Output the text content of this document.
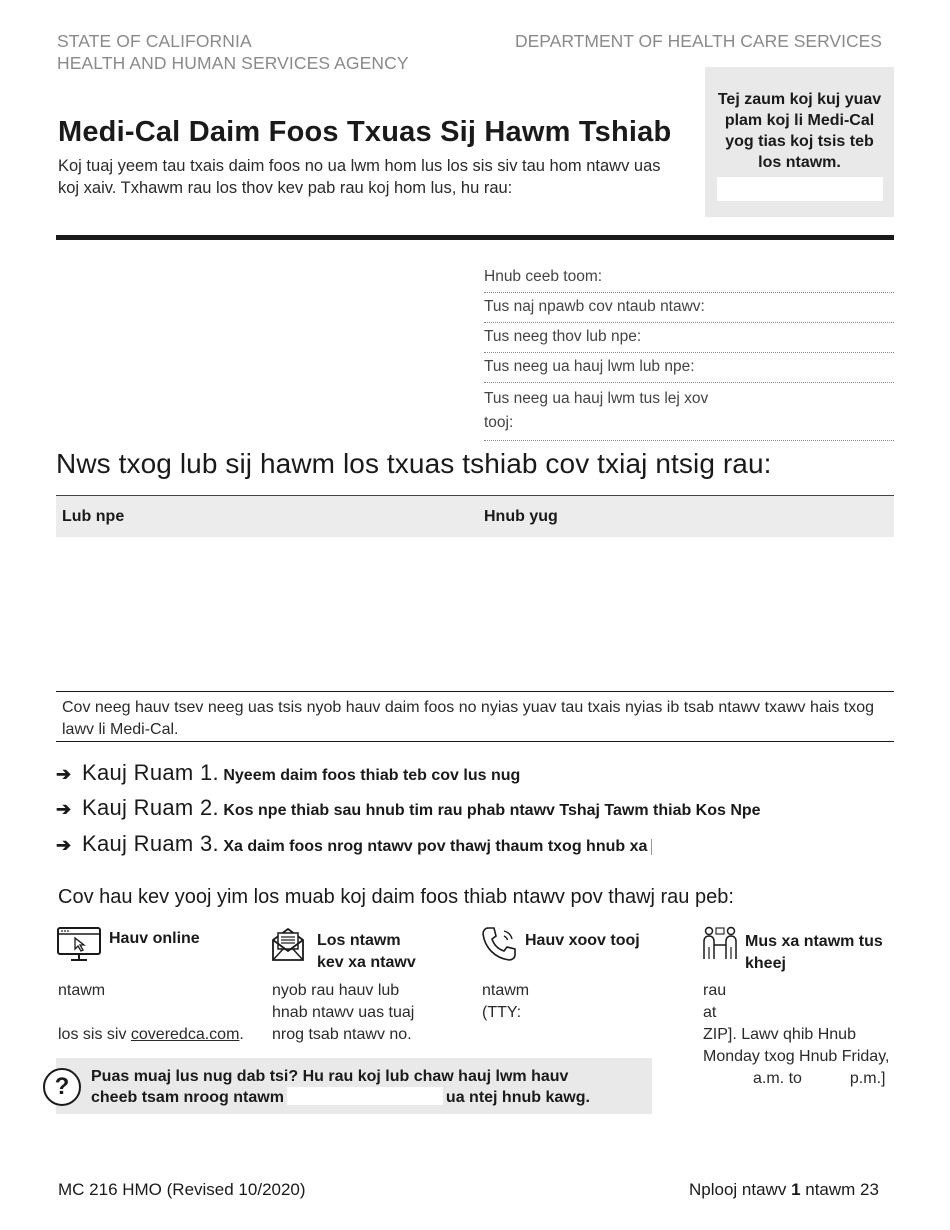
STATE OF CALIFORNIA
HEALTH AND HUMAN SERVICES AGENCY
DEPARTMENT OF HEALTH CARE SERVICES
Medi-Cal Daim Foos Txuas Sij Hawm Tshiab
Koj tuaj yeem tau txais daim foos no ua lwm hom lus los sis siv tau hom ntawv uas koj xaiv. Txhawm rau los thov kev pab rau koj hom lus, hu rau:
Tej zaum koj kuj yuav plam koj li Medi-Cal yog tias koj tsis teb los ntawm.
Hnub ceeb toom:
Tus naj npawb cov ntaub ntawv:
Tus neeg thov lub npe:
Tus neeg ua hauj lwm lub npe:
Tus neeg ua hauj lwm tus lej xov tooj:
Nws txog lub sij hawm los txuas tshiab cov txiaj ntsig rau:
Lub npe	Hnub yug
Cov neeg hauv tsev neeg uas tsis nyob hauv daim foos no nyias yuav tau txais nyias ib tsab ntawv txawv hais txog lawv li Medi-Cal.
➔ Kauj Ruam 1. Nyeem daim foos thiab teb cov lus nug
➔ Kauj Ruam 2. Kos npe thiab sau hnub tim rau phab ntawv Tshaj Tawm thiab Kos Npe
➔ Kauj Ruam 3. Xa daim foos nrog ntawv pov thawj thaum txog hnub xa
Cov hau kev yooj yim los muab koj daim foos thiab ntawv pov thawj rau peb:
Hauv online
ntawm
los sis siv coveredca.com.
Los ntawm
kev xa ntawv
nyob rau hauv lub
hnab ntawv uas tuaj
nrog tsab ntawv no.
Hauv xoov tooj
ntawm
(TTY:
Mus xa ntawm tus
kheej
rau
at
ZIP]. Lawv qhib Hnub
Monday txog Hnub Friday,
a.m. to	p.m.]
?	Puas muaj lus nug dab tsi? Hu rau koj lub chaw hauj lwm hauv
cheeb tsam nroog ntawm	ua ntej hnub kawg.
MC 216 HMO (Revised 10/2020)	Nplooj ntawv 1 ntawm 23
